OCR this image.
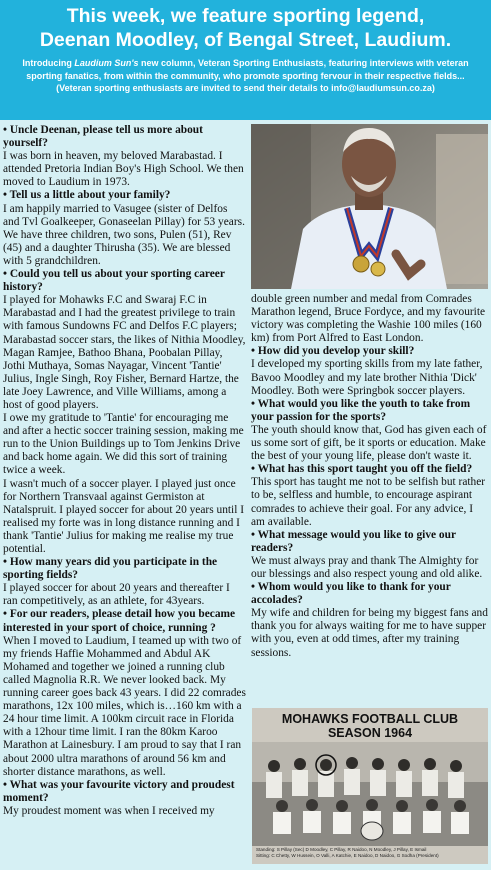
This week, we feature sporting legend,
Deenan Moodley, of Bengal Street, Laudium.

Introducing Laudium Sun's new column, Veteran Sporting Enthusiasts, featuring interviews with veteran sporting fanatics, from within the community, who promote sporting fervour in their respective fields... (Veteran sporting enthusiasts are invited to send their details to info@laudiumsun.co.za)

• Uncle Deenan, please tell us more about yourself?
I was born in heaven, my beloved Marabastad. I attended Pretoria Indian Boy's High School. We then moved to Laudium in 1973.
• Tell us a little about your family?
I am happily married to Vasugee (sister of Delfos and Tvl Goalkeeper, Gonaseelan Pillay) for 53 years. We have three children, two sons, Pulen (51), Rev (45) and a daughter Thirusha (35). We are blessed with 5 grandchildren.
• Could you tell us about your sporting career history?
I played for Mohawks F.C and Swaraj F.C in Marabastad and I had the greatest privilege to train with famous Sundowns FC and Delfos F.C players; Marabastad soccer stars, the likes of Nithia Moodley, Magan Ramjee, Bathoo Bhana, Poobalan Pillay, Jothi Muthaya, Somas Nayagar, Vincent 'Tantie' Julius, Ingle Singh, Roy Fisher, Bernard Hartze, the late Joey Lawrence, and Ville Williams, among a host of good players.
I owe my gratitude to 'Tantie' for encouraging me and after a hectic soccer training session, making me run to the Union Buildings up to Tom Jenkins Drive and back home again. We did this sort of training twice a week.
I wasn't much of a soccer player. I played just once for Northern Transvaal against Germiston at Natalspruit. I played soccer for about 20 years until I realised my forte was in long distance running and I thank 'Tantie' Julius for making me realise my true potential.
• How many years did you participate in the sporting fields?
I played soccer for about 20 years and thereafter I ran competitively, as an athlete, for 43years.
• For our readers, please detail how you became interested in your sport of choice, running ?
When I moved to Laudium, I teamed up with two of my friends Haffie Mohammed and Abdul AK Mohamed and together we joined a running club called Magnolia R.R. We never looked back. My running career goes back 43 years. I did 22 comrades marathons, 12x 100 miles, which is…160 km with a 24 hour time limit. A 100km circuit race in Florida with a 12hour time limit. I ran the 80km Karoo Marathon at Lainesbury. I am proud to say that I ran about 2000 ultra marathons of around 56 km and shorter distance marathons, as well.
• What was your favourite victory and proudest moment?
My proudest moment was when I received my
double green number and medal from Comrades Marathon legend, Bruce Fordyce, and my favourite victory was completing the Washie 100 miles (160 km) from Port Alfred to East London.
• How did you develop your skill?
I developed my sporting skills from my late father, Bavoo Moodley and my late brother Nithia 'Dick' Moodley. Both were Springbok soccer players.
• What would you like the youth to take from your passion for the sports?
The youth should know that, God has given each of us some sort of gift, be it sports or education. Make the best of your young life, please don't waste it.
• What has this sport taught you off the field?
This sport has taught me not to be selfish but rather to be, selfless and humble, to encourage aspirant comrades to achieve their goal. For any advice, I am available.
• What message would you like to give our readers?
We must always pray and thank The Almighty for our blessings and also respect young and old alike.
• Whom would you like to thank for your accolades?
My wife and children for being my biggest fans and thank you for always waiting for me to have supper with you, even at odd times, after my training sessions.
MOHAWKS FOOTBALL CLUB
SEASON 1964
Standing: S Pillay (Sec) D Moodley, C Pillay, R Naidoo, N Moodley, J Pillay, E Ismail
Sitting: C Chetty, W Hussein, O Valli, A Katchie, E Naidoo, D Naidoo, G Sodha (President)
